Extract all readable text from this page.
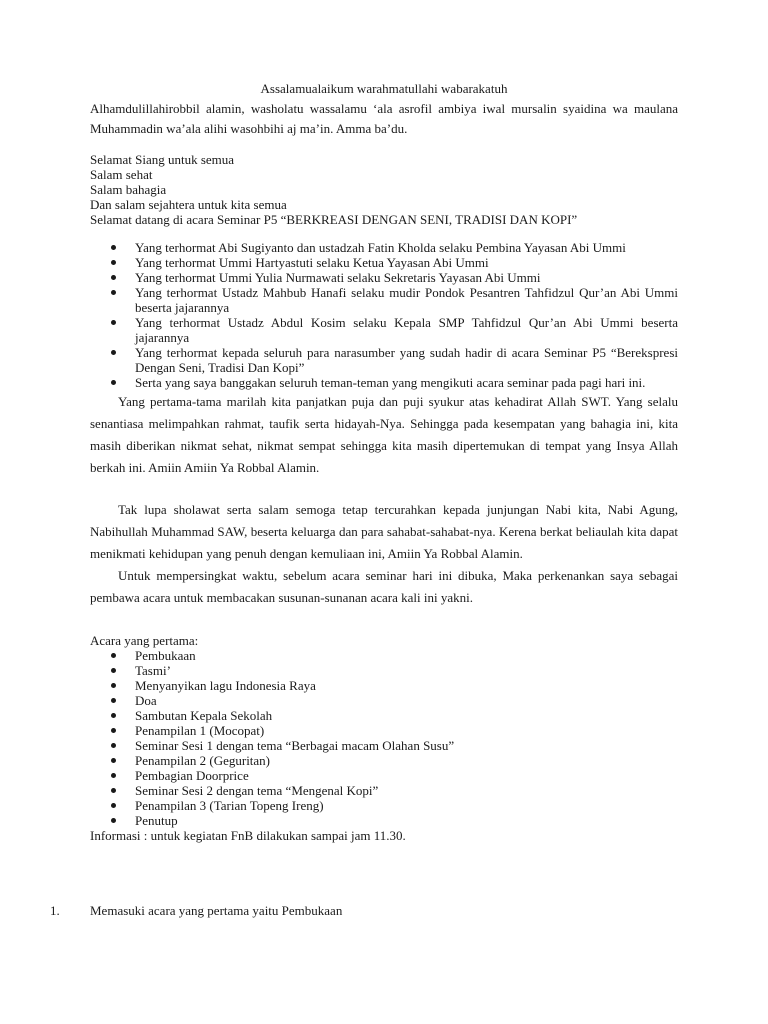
Assalamualaikum warahmatullahi wabarakatuh

Alhamdulillahirobbil alamin, washolatu wassalamu ‘ala asrofil ambiya iwal mursalin syaidina wa maulana Muhammadin wa’ala alihi wasohbihi aj ma’in. Amma ba’du.

Selamat Siang untuk semua

Salam sehat

Salam bahagia

Dan salam sejahtera untuk kita semua

Selamat datang di acara Seminar P5 “BERKREASI DENGAN SENI, TRADISI DAN KOPI”

Yang terhormat Abi Sugiyanto dan ustadzah Fatin Kholda selaku Pembina Yayasan Abi Ummi
Yang terhormat Ummi Hartyastuti selaku Ketua Yayasan Abi Ummi
Yang terhormat Ummi Yulia Nurmawati selaku Sekretaris Yayasan Abi Ummi
Yang terhormat Ustadz Mahbub Hanafi selaku mudir Pondok Pesantren Tahfidzul Qur’an Abi Ummi beserta jajarannya
Yang terhormat Ustadz Abdul Kosim selaku Kepala SMP Tahfidzul Qur’an Abi Ummi beserta jajarannya
Yang terhormat kepada seluruh para narasumber yang sudah hadir di acara Seminar P5 “Berekspresi Dengan Seni, Tradisi Dan Kopi”
Serta yang saya banggakan seluruh teman-teman yang mengikuti acara seminar pada pagi hari ini.

Yang pertama-tama marilah kita panjatkan puja dan puji syukur atas kehadirat Allah SWT. Yang selalu senantiasa melimpahkan rahmat, taufik serta hidayah-Nya. Sehingga pada kesempatan yang bahagia ini, kita masih diberikan nikmat sehat, nikmat sempat sehingga kita masih dipertemukan di tempat yang Insya Allah berkah ini. Amiin Amiin Ya Robbal Alamin.

Tak lupa sholawat serta salam semoga tetap tercurahkan kepada junjungan Nabi kita, Nabi Agung, Nabihullah Muhammad SAW, beserta keluarga dan para sahabat-sahabat-nya. Kerena berkat beliaulah kita dapat menikmati kehidupan yang penuh dengan kemuliaan ini, Amiin Ya Robbal Alamin.

Untuk mempersingkat waktu, sebelum acara seminar hari ini dibuka, Maka perkenankan saya sebagai pembawa acara untuk membacakan susunan-sunanan acara kali ini yakni.

Acara yang pertama:

Pembukaan
Tasmi’
Menyanyikan lagu Indonesia Raya
Doa
Sambutan Kepala Sekolah
Penampilan 1 (Mocopat)
Seminar Sesi 1 dengan tema “Berbagai macam Olahan Susu”
Penampilan 2 (Geguritan)
Pembagian Doorprice
Seminar Sesi 2 dengan tema “Mengenal Kopi”
Penampilan 3 (Tarian Topeng Ireng)
Penutup

Informasi : untuk kegiatan FnB dilakukan sampai jam 11.30.

1. Memasuki acara yang pertama yaitu Pembukaan
